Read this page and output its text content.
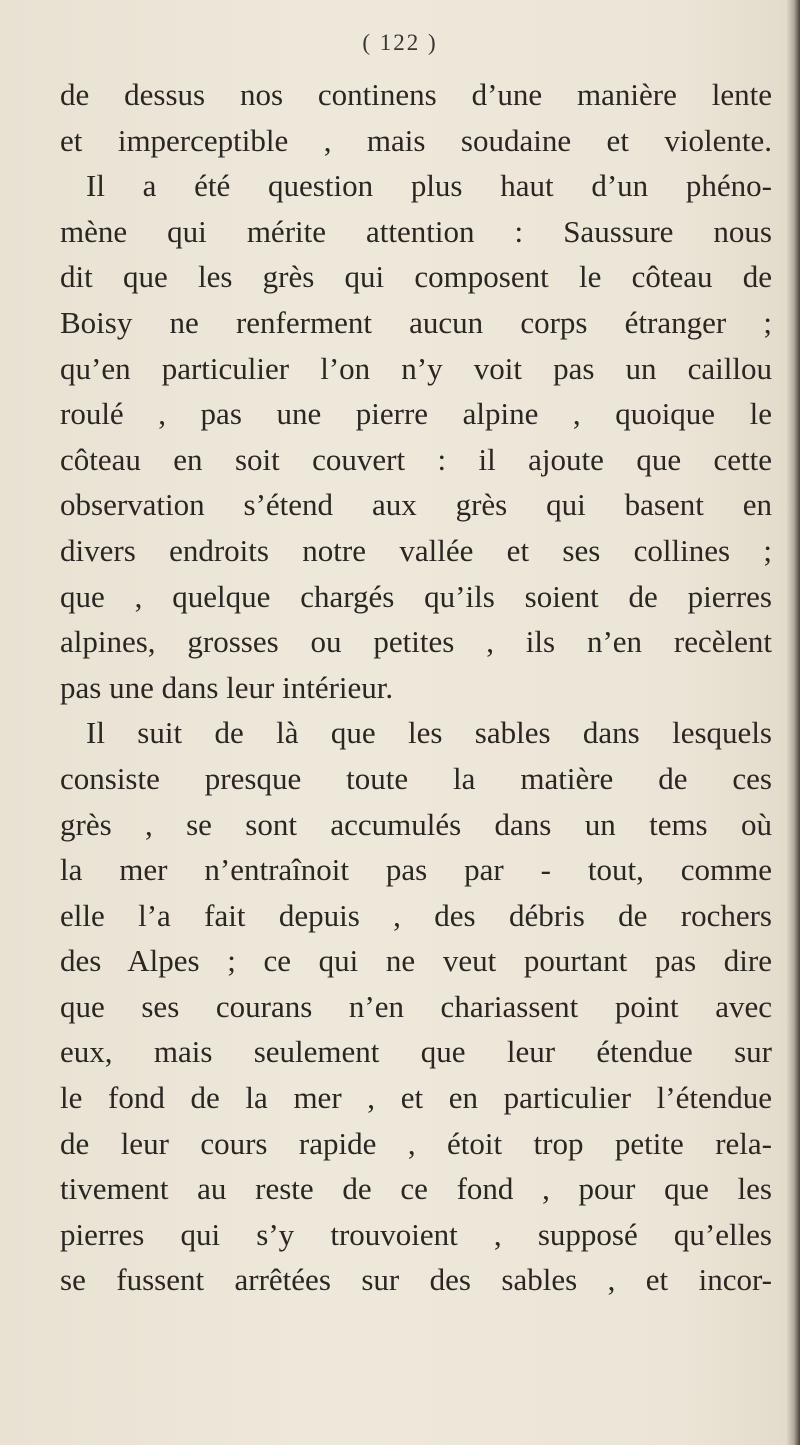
( 122 )
de dessus nos continens d’une manière lente
et imperceptible , mais soudaine et violente.
Il a été question plus haut d’un phéno-
mène qui mérite attention : Saussure nous
dit que les grès qui composent le côteau de
Boisy ne renferment aucun corps étranger ;
qu’en particulier l’on n’y voit pas un caillou
roulé , pas une pierre alpine , quoique le
côteau en soit couvert : il ajoute que cette
observation s’étend aux grès qui basent en
divers endroits notre vallée et ses collines ;
que , quelque chargés qu’ils soient de pierres
alpines, grosses ou petites , ils n’en recèlent
pas une dans leur intérieur.
Il suit de là que les sables dans lesquels
consiste presque toute la matière de ces
grès , se sont accumulés dans un tems où
la mer n’entraînoit pas par - tout, comme
elle l’a fait depuis , des débris de rochers
des Alpes ; ce qui ne veut pourtant pas dire
que ses courans n’en chariassent point avec
eux, mais seulement que leur étendue sur
le fond de la mer , et en particulier l’étendue
de leur cours rapide , étoit trop petite rela-
tivement au reste de ce fond , pour que les
pierres qui s’y trouvoient , supposé qu’elles
se fussent arrêtées sur des sables , et incor-
